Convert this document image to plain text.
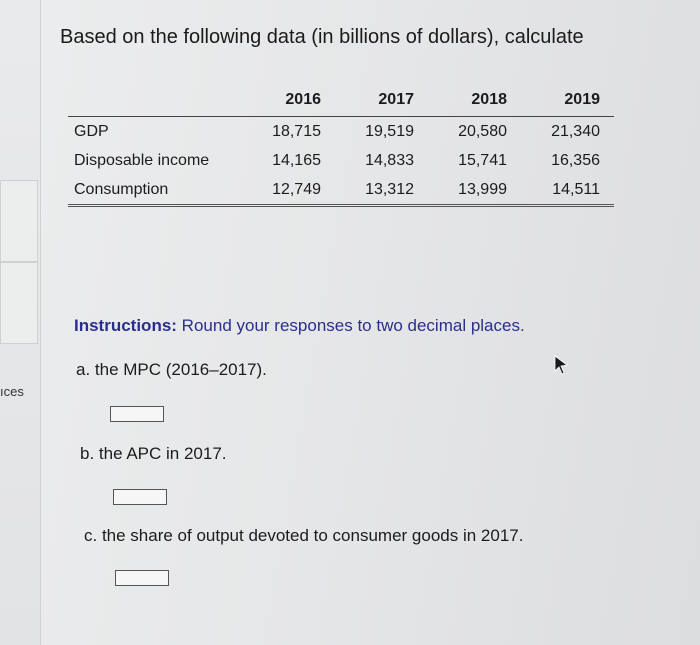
ıces
Based on the following data (in billions of dollars), calculate
	2016	2017	2018	2019
GDP	18,715	19,519	20,580	21,340
Disposable income	14,165	14,833	15,741	16,356
Consumption	12,749	13,312	13,999	14,511
Instructions: Round your responses to two decimal places.
a. the MPC (2016–2017).
b. the APC in 2017.
c. the share of output devoted to consumer goods in 2017.
